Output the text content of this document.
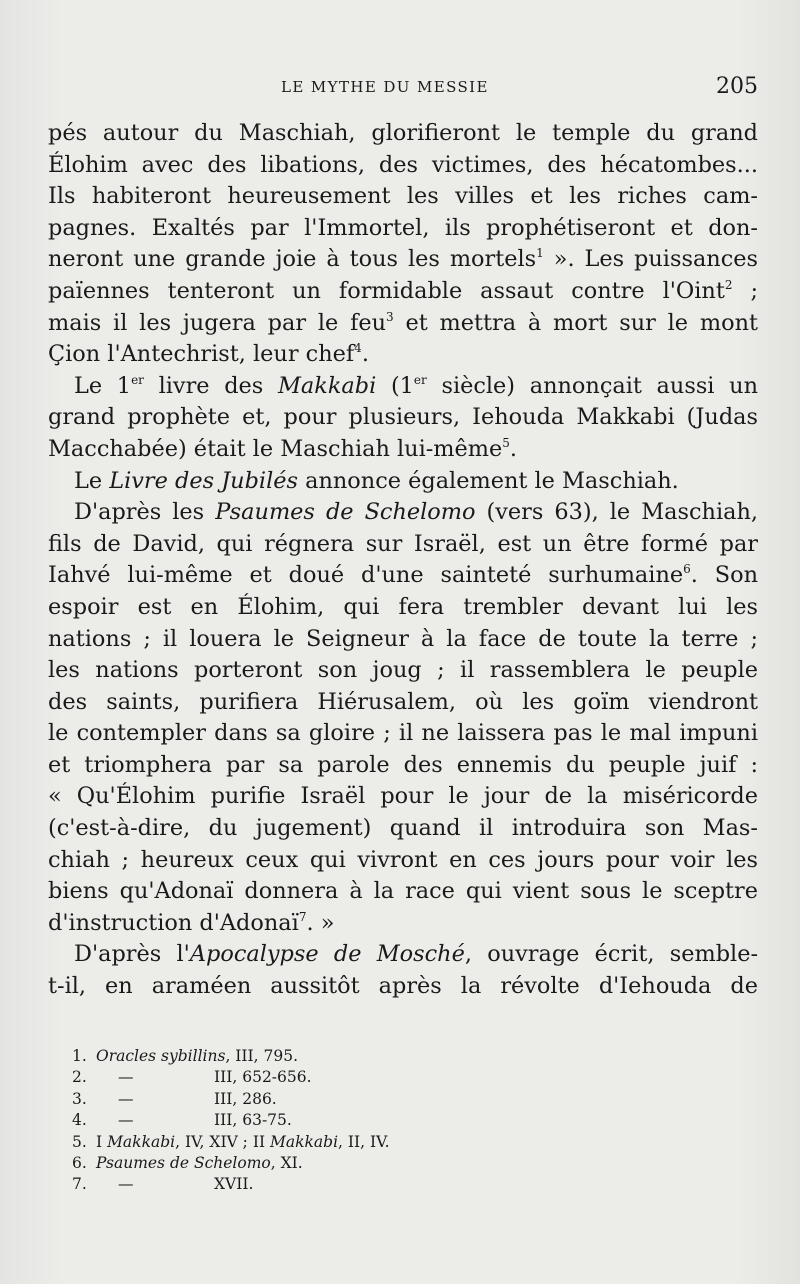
LE MYTHE DU MESSIE	205
pés autour du Maschiah, glorifieront le temple du grand
Élohim avec des libations, des victimes, des hécatombes...
Ils habiteront heureusement les villes et les riches cam-
pagnes. Exaltés par l'Immortel, ils prophétiseront et don-
neront une grande joie à tous les mortels$^1$ ». Les puissances
païennes tenteront un formidable assaut contre l'Oint$^2$ ;
mais il les jugera par le feu$^3$ et mettra à mort sur le mont
Çion l'Antechrist, leur chef$^4$.
Le 1er livre des Makkabi (1er siècle) annonçait aussi un
grand prophète et, pour plusieurs, Iehouda Makkabi (Judas
Macchabée) était le Maschiah lui-même$^5$.
Le Livre des Jubilés annonce également le Maschiah.
D'après les Psaumes de Schelomo (vers 63), le Maschiah,
fils de David, qui régnera sur Israël, est un être formé par
Iahvé lui-même et doué d'une sainteté surhumaine$^6$. Son
espoir est en Élohim, qui fera trembler devant lui les
nations ; il louera le Seigneur à la face de toute la terre ;
les nations porteront son joug ; il rassemblera le peuple
des saints, purifiera Hiérusalem, où les goïm viendront
le contempler dans sa gloire ; il ne laissera pas le mal impuni
et triomphera par sa parole des ennemis du peuple juif :
« Qu'Élohim purifie Israël pour le jour de la miséricorde
(c'est-à-dire, du jugement) quand il introduira son Mas-
chiah ; heureux ceux qui vivront en ces jours pour voir les
biens qu'Adonaï donnera à la race qui vient sous le sceptre
d'instruction d'Adonaï$^7$. »
D'après l'Apocalypse de Mosché, ouvrage écrit, semble-
t-il, en araméen aussitôt après la révolte d'Iehouda de
1. Oracles sybillins, III, 795.
2. —	III, 652-656.
3. —	III, 286.
4. —	III, 63-75.
5. I Makkabi, IV, XIV ; II Makkabi, II, IV.
6. Psaumes de Schelomo, XI.
7. —	XVII.
